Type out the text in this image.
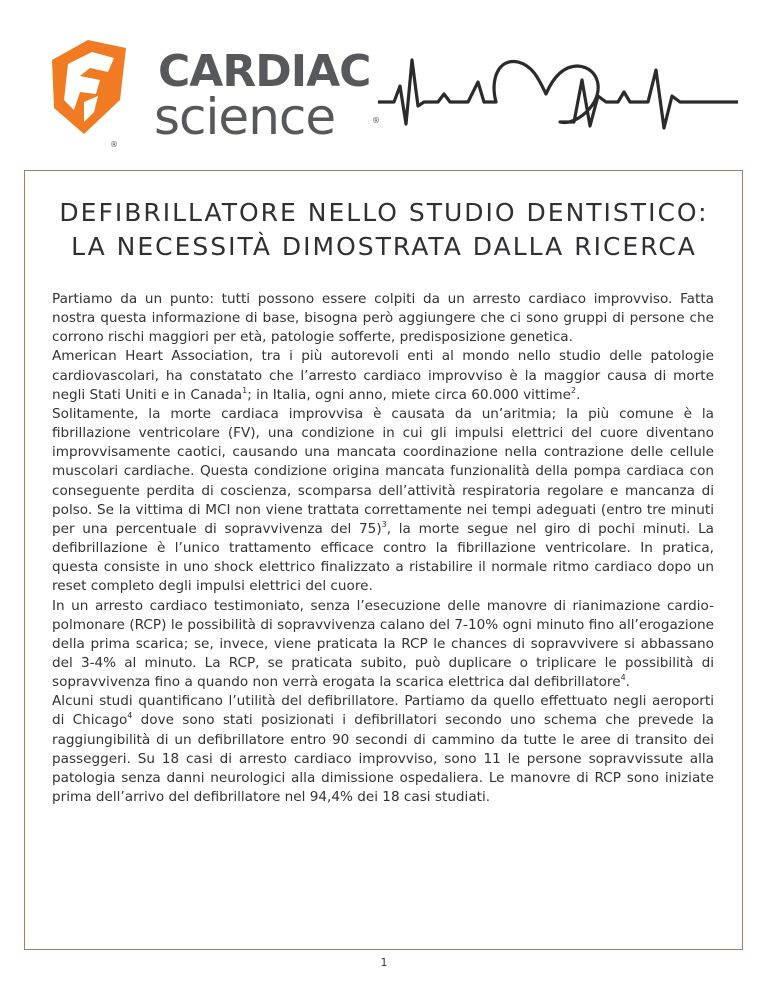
CARDIAC
science	®
®
DEFIBRILLATORE NELLO STUDIO DENTISTICO:
LA NECESSITÀ DIMOSTRATA DALLA RICERCA

Partiamo da un punto: tutti possono essere colpiti da un arresto cardiaco improvviso. Fatta nostra questa informazione di base, bisogna però aggiungere che ci sono gruppi di persone che corrono rischi maggiori per età, patologie sofferte, predisposizione genetica.

American Heart Association, tra i più autorevoli enti al mondo nello studio delle patologie cardiovascolari, ha constatato che l’arresto cardiaco improvviso è la maggior causa di morte negli Stati Uniti e in Canada$^1$; in Italia, ogni anno, miete circa 60.000 vittime$^2$.

Solitamente, la morte cardiaca improvvisa è causata da un’aritmia; la più comune è la fibrillazione ventricolare (FV), una condizione in cui gli impulsi elettrici del cuore diventano improvvisamente caotici, causando una mancata coordinazione nella contrazione delle cellule muscolari cardiache. Questa condizione origina mancata funzionalità della pompa cardiaca con conseguente perdita di coscienza, scomparsa dell’attività respiratoria regolare e mancanza di polso. Se la vittima di MCI non viene trattata correttamente nei tempi adeguati (entro tre minuti per una percentuale di sopravvivenza del 75)$^3$, la morte segue nel giro di pochi minuti. La defibrillazione è l’unico trattamento efficace contro la fibrillazione ventricolare. In pratica, questa consiste in uno shock elettrico finalizzato a ristabilire il normale ritmo cardiaco dopo un reset completo degli impulsi elettrici del cuore.

In un arresto cardiaco testimoniato, senza l’esecuzione delle manovre di rianimazione cardio-polmonare (RCP) le possibilità di sopravvivenza calano del 7-10% ogni minuto fino all’erogazione della prima scarica; se, invece, viene praticata la RCP le chances di sopravvivere si abbassano del 3-4% al minuto. La RCP, se praticata subito, può duplicare o triplicare le possibilità di sopravvivenza fino a quando non verrà erogata la scarica elettrica dal defibrillatore$^4$.

Alcuni studi quantificano l’utilità del defibrillatore. Partiamo da quello effettuato negli aeroporti di Chicago$^4$ dove sono stati posizionati i defibrillatori secondo uno schema che prevede la raggiungibilità di un defibrillatore entro 90 secondi di cammino da tutte le aree di transito dei passeggeri. Su 18 casi di arresto cardiaco improvviso, sono 11 le persone sopravvissute alla patologia senza danni neurologici alla dimissione ospedaliera. Le manovre di RCP sono iniziate prima dell’arrivo del defibrillatore nel 94,4% dei 18 casi studiati.

1
